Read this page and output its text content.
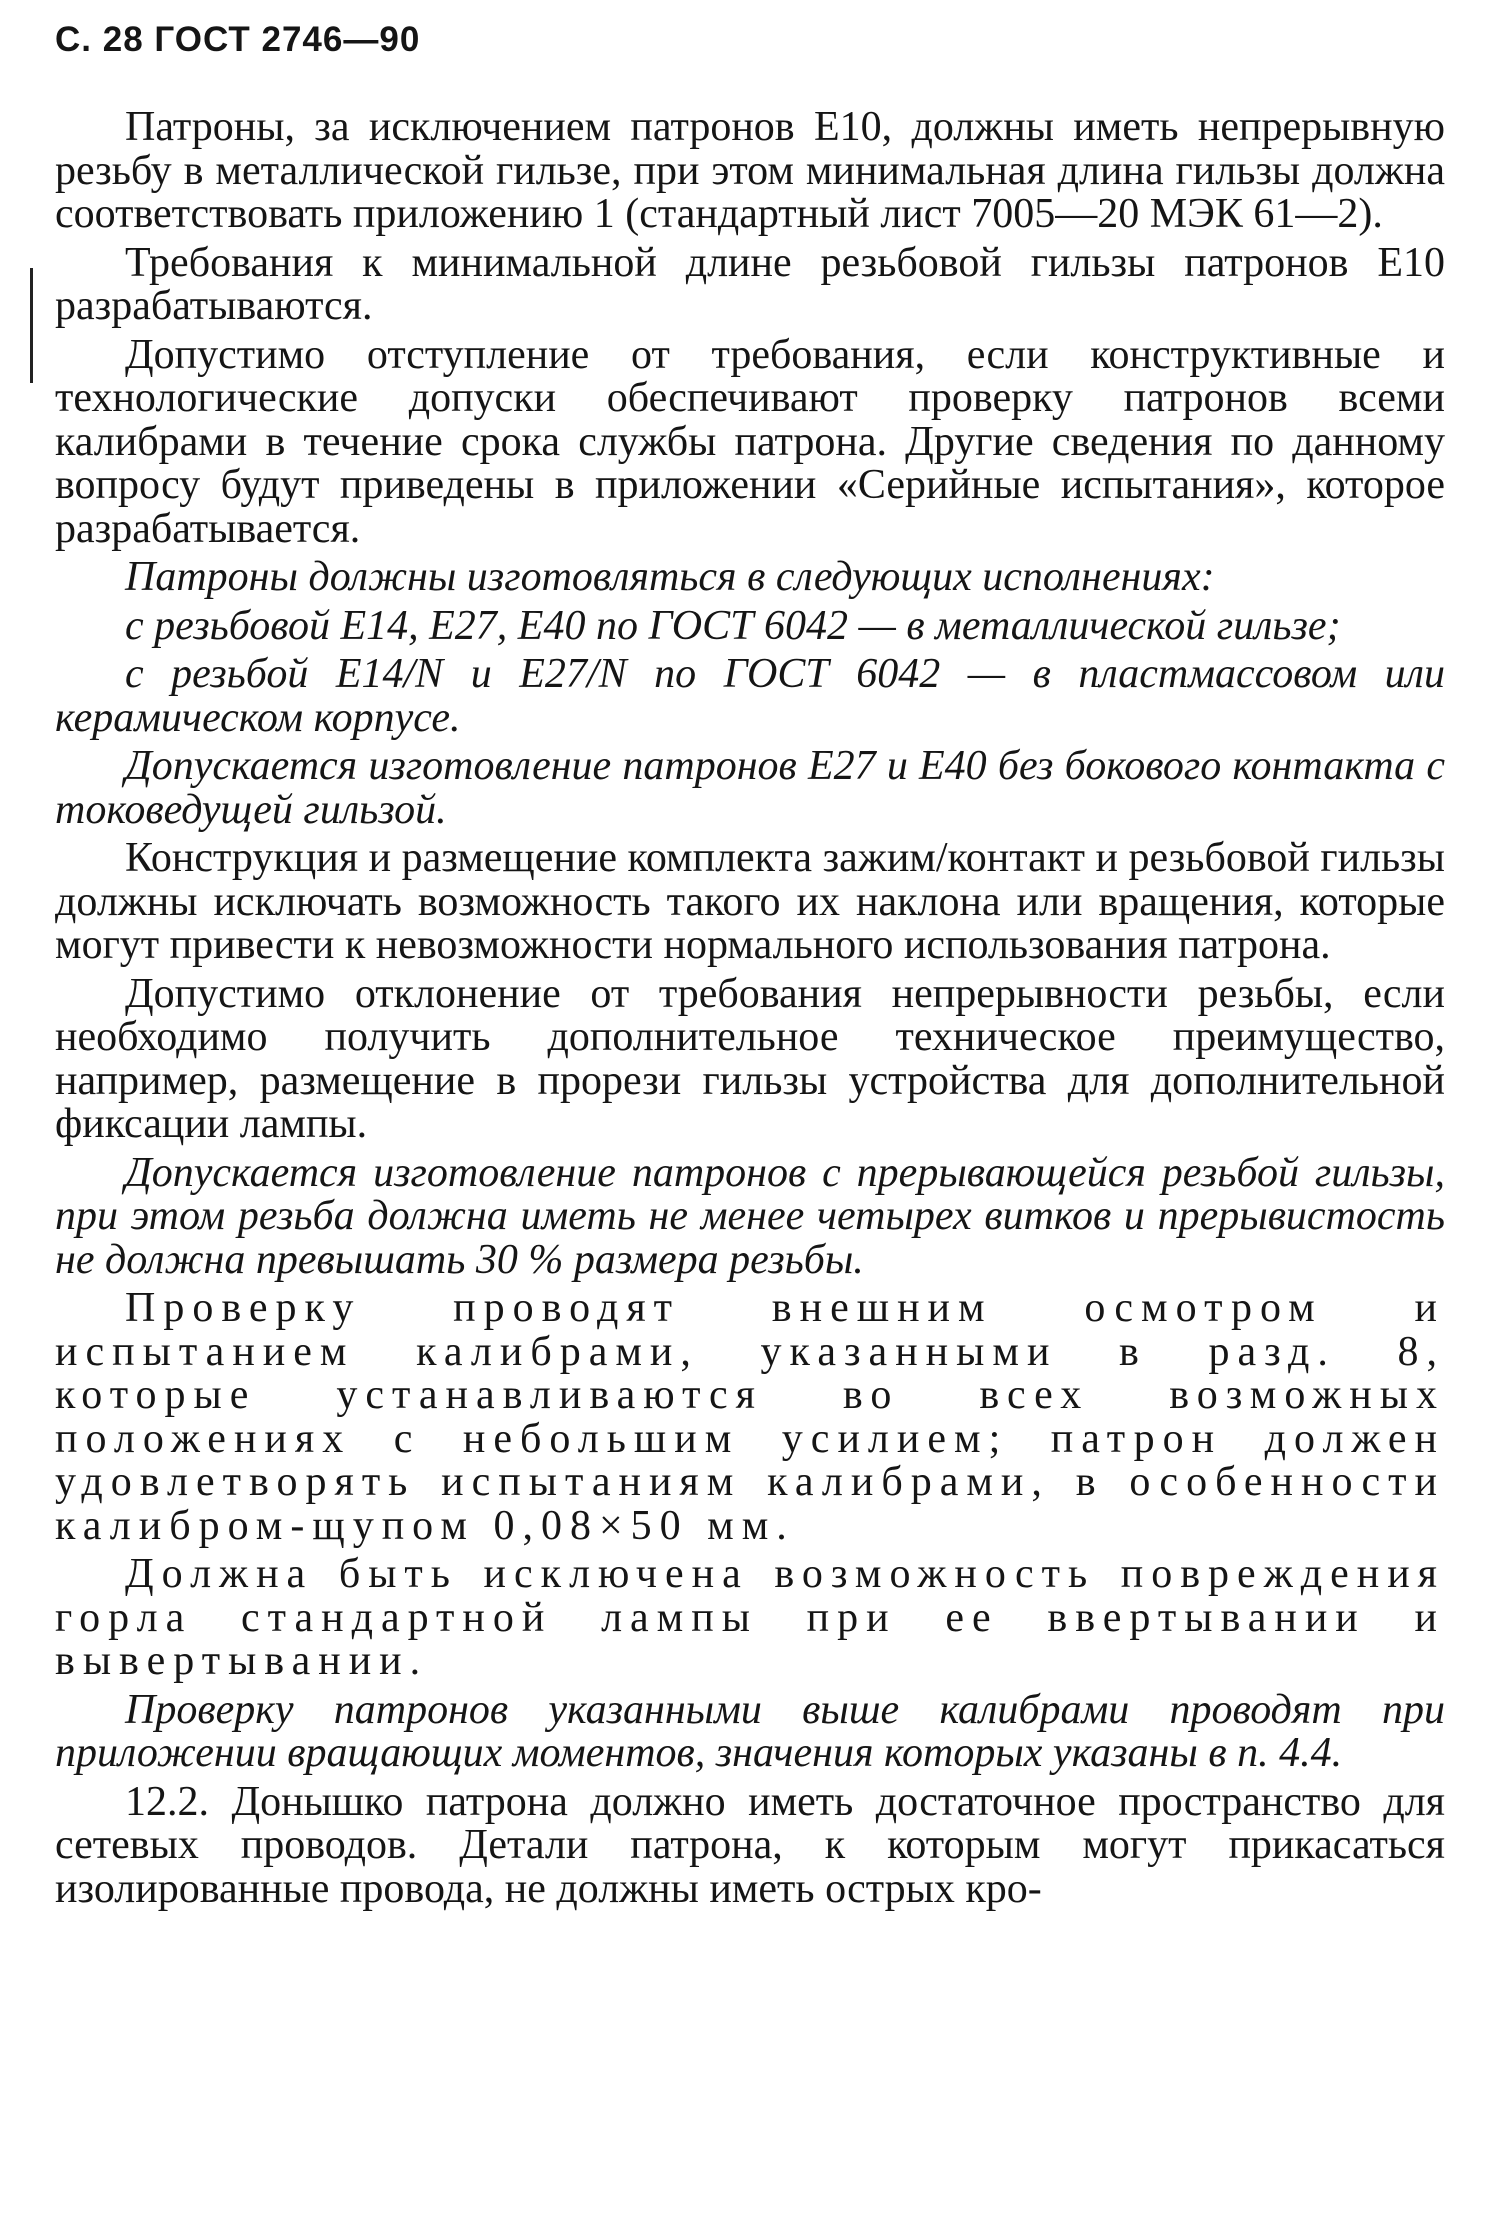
С. 28 ГОСТ 2746—90

Патроны, за исключением патронов Е10, должны иметь непрерывную резьбу в металлической гильзе, при этом минимальная длина гильзы должна соответствовать приложению 1 (стандартный лист 7005—20 МЭК 61—2).

Требования к минимальной длине резьбовой гильзы патронов Е10 разрабатываются.

Допустимо отступление от требования, если конструктивные и технологические допуски обеспечивают проверку патронов всеми калибрами в течение срока службы патрона. Другие сведения по данному вопросу будут приведены в приложении «Серийные испытания», которое разрабатывается.

Патроны должны изготовляться в следующих исполнениях:

с резьбовой Е14, Е27, Е40 по ГОСТ 6042 — в металлической гильзе;

с резьбой Е14/N и Е27/N по ГОСТ 6042 — в пластмассовом или керамическом корпусе.

Допускается изготовление патронов Е27 и Е40 без бокового контакта с токоведущей гильзой.

Конструкция и размещение комплекта зажим/контакт и резьбовой гильзы должны исключать возможность такого их наклона или вращения, которые могут привести к невозможности нормального использования патрона.

Допустимо отклонение от требования непрерывности резьбы, если необходимо получить дополнительное техническое преимущество, например, размещение в прорези гильзы устройства для дополнительной фиксации лампы.

Допускается изготовление патронов с прерывающейся резьбой гильзы, при этом резьба должна иметь не менее четырех витков и прерывистость не должна превышать 30 % размера резьбы.

Проверку проводят внешним осмотром и испытанием калибрами, указанными в разд. 8, которые устанавливаются во всех возможных положениях с небольшим усилием; патрон должен удовлетворять испытаниям калибрами, в особенности калибром-щупом 0,08×50 мм.

Должна быть исключена возможность повреждения горла стандартной лампы при ее ввертывании и вывертывании.

Проверку патронов указанными выше калибрами проводят при приложении вращающих моментов, значения которых указаны в п. 4.4.

12.2. Донышко патрона должно иметь достаточное пространство для сетевых проводов. Детали патрона, к которым могут прикасаться изолированные провода, не должны иметь острых кро-
